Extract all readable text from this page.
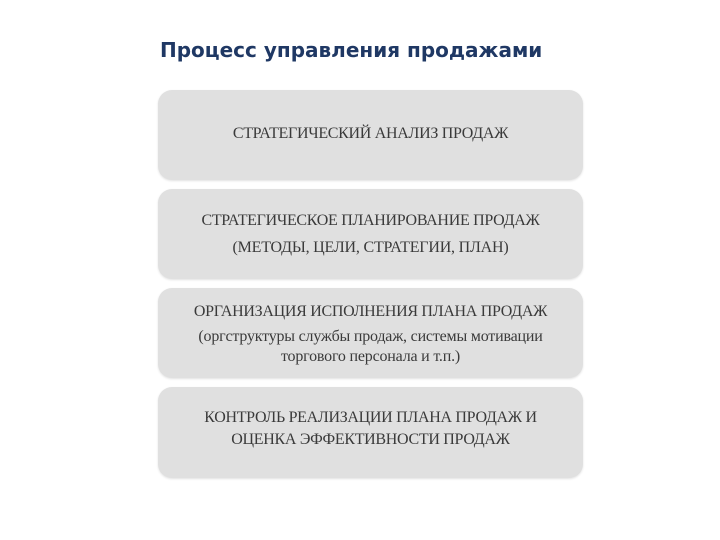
Процесс управления продажами
СТРАТЕГИЧЕСКИЙ АНАЛИЗ ПРОДАЖ
СТРАТЕГИЧЕСКОЕ ПЛАНИРОВАНИЕ ПРОДАЖ
(МЕТОДЫ, ЦЕЛИ, СТРАТЕГИИ, ПЛАН)
ОРГАНИЗАЦИЯ ИСПОЛНЕНИЯ ПЛАНА ПРОДАЖ
(оргструктуры службы продаж, системы мотивации
торгового персонала и т.п.)
КОНТРОЛЬ РЕАЛИЗАЦИИ ПЛАНА ПРОДАЖ И
ОЦЕНКА ЭФФЕКТИВНОСТИ ПРОДАЖ
